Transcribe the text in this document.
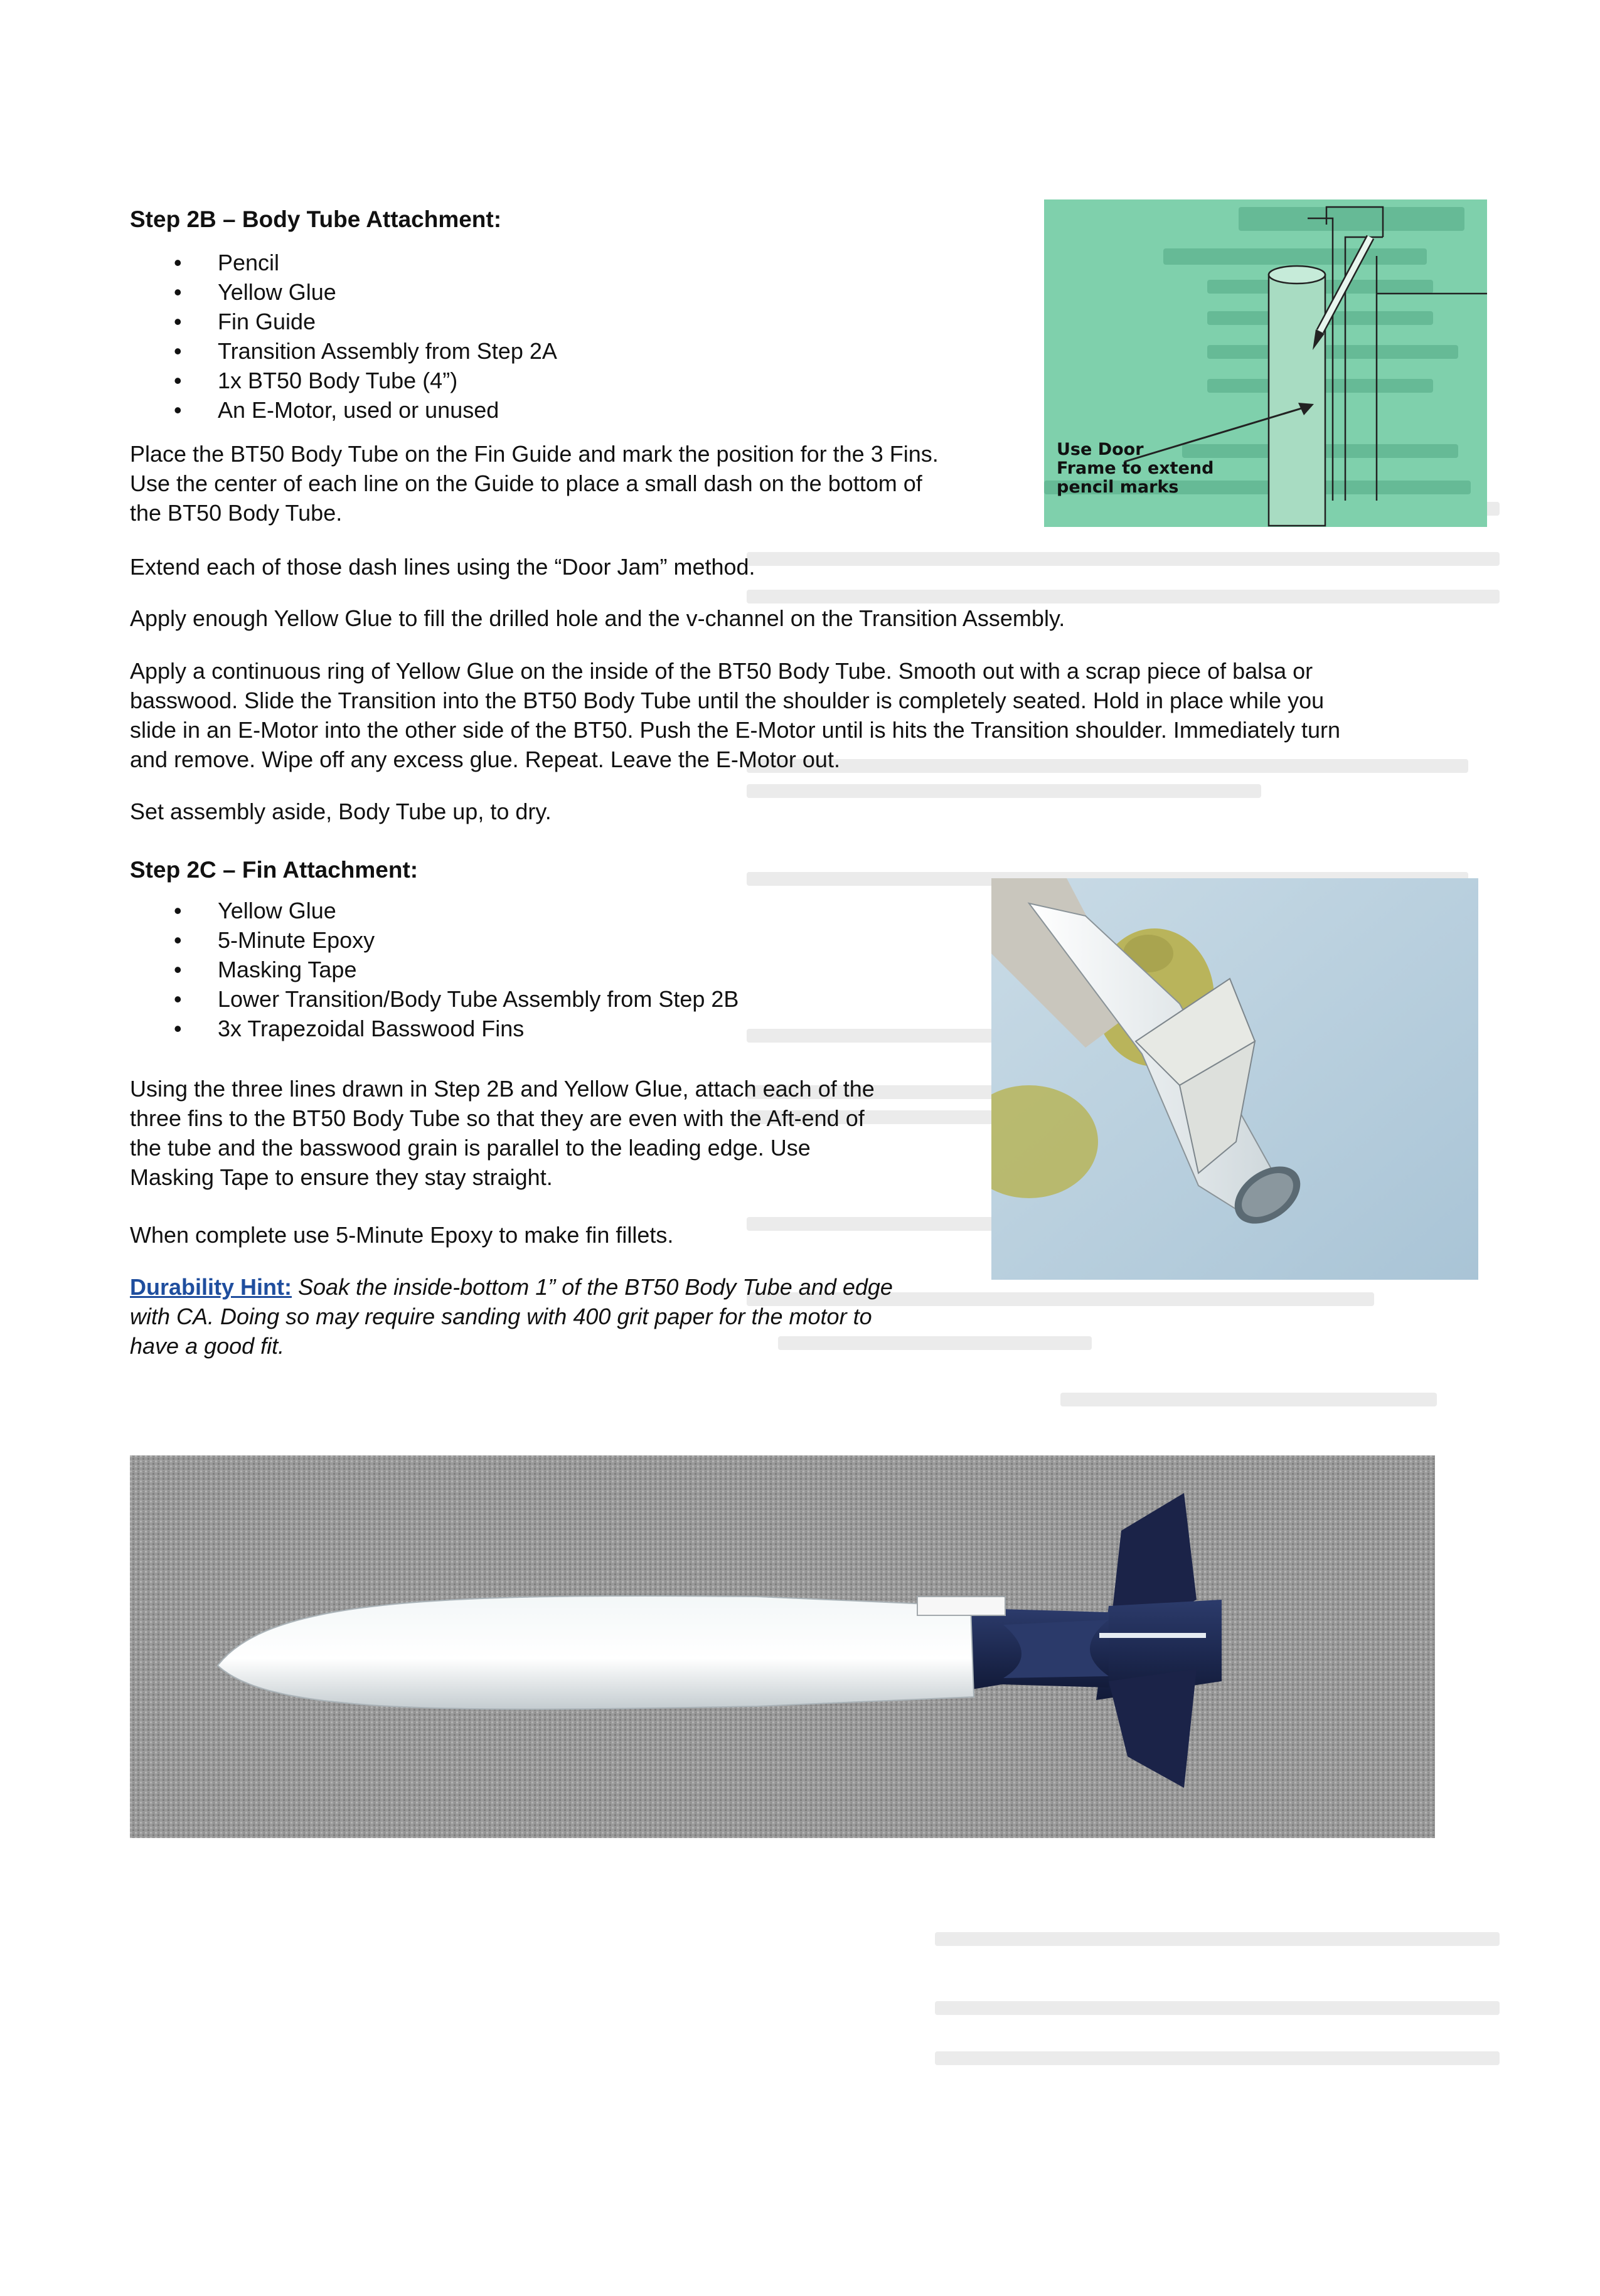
Step 2B – Body Tube Attachment:
• Pencil
• Yellow Glue
• Fin Guide
• Transition Assembly from Step 2A
• 1x BT50 Body Tube (4”)
• An E-Motor, used or unused

Place the BT50 Body Tube on the Fin Guide and mark the position for the 3 Fins.
Use the center of each line on the Guide to place a small dash on the bottom of
the BT50 Body Tube.

Extend each of those dash lines using the “Door Jam” method.

Apply enough Yellow Glue to fill the drilled hole and the v-channel on the Transition Assembly.

Apply a continuous ring of Yellow Glue on the inside of the BT50 Body Tube. Smooth out with a scrap piece of balsa or
basswood. Slide the Transition into the BT50 Body Tube until the shoulder is completely seated. Hold in place while you
slide in an E-Motor into the other side of the BT50. Push the E-Motor until is hits the Transition shoulder. Immediately turn
and remove. Wipe off any excess glue. Repeat. Leave the E-Motor out.

Set assembly aside, Body Tube up, to dry.

Use Door
Frame to extend
pencil marks
Step 2C – Fin Attachment:
• Yellow Glue
• 5-Minute Epoxy
• Masking Tape
• Lower Transition/Body Tube Assembly from Step 2B
• 3x Trapezoidal Basswood Fins

Using the three lines drawn in Step 2B and Yellow Glue, attach each of the
three fins to the BT50 Body Tube so that they are even with the Aft-end of
the tube and the basswood grain is parallel to the leading edge. Use
Masking Tape to ensure they stay straight.

When complete use 5-Minute Epoxy to make fin fillets.

Durability Hint: Soak the inside-bottom 1” of the BT50 Body Tube and edge
with CA. Doing so may require sanding with 400 grit paper for the motor to
have a good fit.
